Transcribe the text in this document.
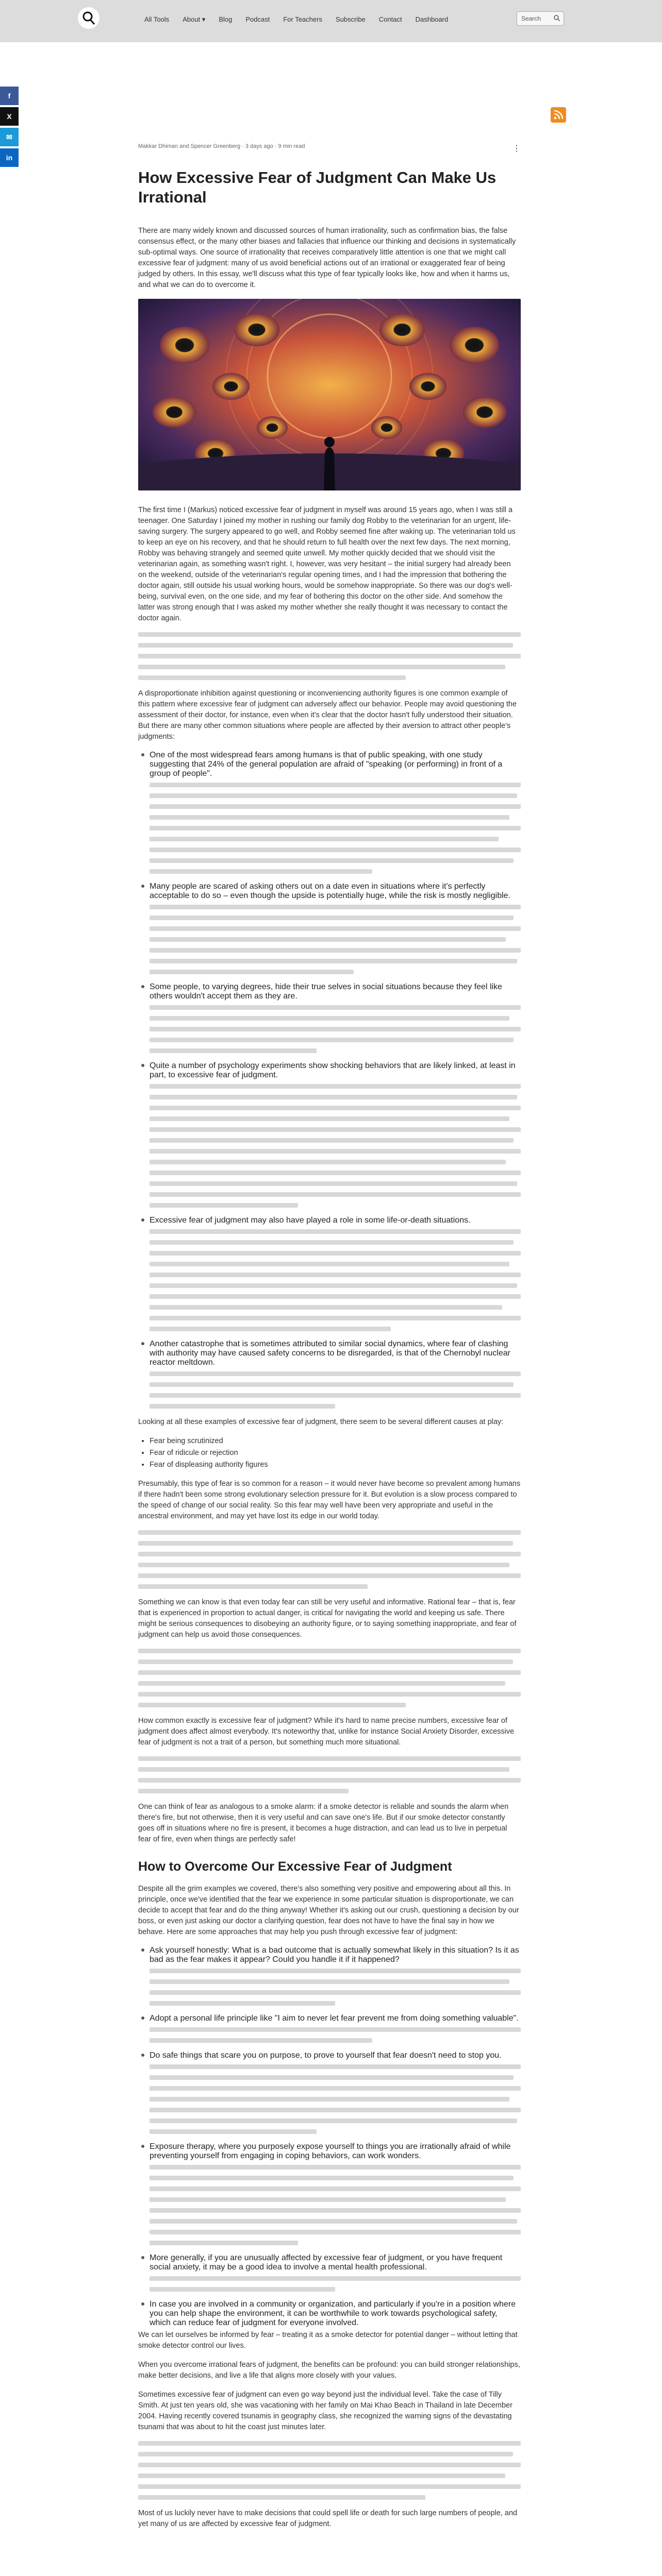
All Tools About ▾ Blog Podcast For Teachers Subscribe Contact Dashboard	Search
f
X
✉
in
Makkar Dhiman and Spencer Greenberg · 3 days ago · 9 min read	⋮
How Excessive Fear of Judgment Can Make Us Irrational

There are many widely known and discussed sources of human irrationality, such as confirmation bias, the false consensus effect, or the many other biases and fallacies that influence our thinking and decisions in systematically sub-optimal ways. One source of irrationality that receives comparatively little attention is one that we might call excessive fear of judgment: many of us avoid beneficial actions out of an irrational or exaggerated fear of being judged by others. In this essay, we'll discuss what this type of fear typically looks like, how and when it harms us, and what we can do to overcome it.

The first time I (Markus) noticed excessive fear of judgment in myself was around 15 years ago, when I was still a teenager. One Saturday I joined my mother in rushing our family dog Robby to the veterinarian for an urgent, life-saving surgery. The surgery appeared to go well, and Robby seemed fine after waking up. The veterinarian told us to keep an eye on his recovery, and that he should return to full health over the next few days. The next morning, Robby was behaving strangely and seemed quite unwell. My mother quickly decided that we should visit the veterinarian again, as something wasn't right. I, however, was very hesitant – the initial surgery had already been on the weekend, outside of the veterinarian's regular opening times, and I had the impression that bothering the doctor again, still outside his usual working hours, would be somehow inappropriate. So there was our dog's well-being, survival even, on the one side, and my fear of bothering this doctor on the other side. And somehow the latter was strong enough that I was asked my mother whether she really thought it was necessary to contact the doctor again.

A disproportionate inhibition against questioning or inconveniencing authority figures is one common example of this pattern where excessive fear of judgment can adversely affect our behavior. People may avoid questioning the assessment of their doctor, for instance, even when it's clear that the doctor hasn't fully understood their situation. But there are many other common situations where people are affected by their aversion to attract other people's judgments:

One of the most widespread fears among humans is that of public speaking, with one study suggesting that 24% of the general population are afraid of "speaking (or performing) in front of a group of people".
Many people are scared of asking others out on a date even in situations where it's perfectly acceptable to do so – even though the upside is potentially huge, while the risk is mostly negligible.
Some people, to varying degrees, hide their true selves in social situations because they feel like others wouldn't accept them as they are.
Quite a number of psychology experiments show shocking behaviors that are likely linked, at least in part, to excessive fear of judgment.
Excessive fear of judgment may also have played a role in some life-or-death situations.
Another catastrophe that is sometimes attributed to similar social dynamics, where fear of clashing with authority may have caused safety concerns to be disregarded, is that of the Chernobyl nuclear reactor meltdown.

Looking at all these examples of excessive fear of judgment, there seem to be several different causes at play:

• Fear being scrutinized
• Fear of ridicule or rejection
• Fear of displeasing authority figures

Presumably, this type of fear is so common for a reason – it would never have become so prevalent among humans if there hadn't been some strong evolutionary selection pressure for it. But evolution is a slow process compared to the speed of change of our social reality. So this fear may well have been very appropriate and useful in the ancestral environment, and may yet have lost its edge in our world today.

Something we can know is that even today fear can still be very useful and informative. Rational fear – that is, fear that is experienced in proportion to actual danger, is critical for navigating the world and keeping us safe. There might be serious consequences to disobeying an authority figure, or to saying something inappropriate, and fear of judgment can help us avoid those consequences.

How common exactly is excessive fear of judgment? While it's hard to name precise numbers, excessive fear of judgment does affect almost everybody. It's noteworthy that, unlike for instance Social Anxiety Disorder, excessive fear of judgment is not a trait of a person, but something much more situational.

One can think of fear as analogous to a smoke alarm: if a smoke detector is reliable and sounds the alarm when there's fire, but not otherwise, then it is very useful and can save one's life. But if our smoke detector constantly goes off in situations where no fire is present, it becomes a huge distraction, and can lead us to live in perpetual fear of fire, even when things are perfectly safe!

How to Overcome Our Excessive Fear of Judgment

Despite all the grim examples we covered, there's also something very positive and empowering about all this. In principle, once we've identified that the fear we experience in some particular situation is disproportionate, we can decide to accept that fear and do the thing anyway! Whether it's asking out our crush, questioning a decision by our boss, or even just asking our doctor a clarifying question, fear does not have to have the final say in how we behave. Here are some approaches that may help you push through excessive fear of judgment:

Ask yourself honestly: What is a bad outcome that is actually somewhat likely in this situation? Is it as bad as the fear makes it appear? Could you handle it if it happened?
Adopt a personal life principle like "I aim to never let fear prevent me from doing something valuable".
Do safe things that scare you on purpose, to prove to yourself that fear doesn't need to stop you.
Exposure therapy, where you purposely expose yourself to things you are irrationally afraid of while preventing yourself from engaging in coping behaviors, can work wonders.
More generally, if you are unusually affected by excessive fear of judgment, or you have frequent social anxiety, it may be a good idea to involve a mental health professional.
In case you are involved in a community or organization, and particularly if you're in a position where you can help shape the environment, it can be worthwhile to work towards psychological safety, which can reduce fear of judgment for everyone involved.

We can let ourselves be informed by fear – treating it as a smoke detector for potential danger – without letting that smoke detector control our lives.

When you overcome irrational fears of judgment, the benefits can be profound: you can build stronger relationships, make better decisions, and live a life that aligns more closely with your values.

Sometimes excessive fear of judgment can even go way beyond just the individual level. Take the case of Tilly Smith. At just ten years old, she was vacationing with her family on Mai Khao Beach in Thailand in late December 2004. Having recently covered tsunamis in geography class, she recognized the warning signs of the devastating tsunami that was about to hit the coast just minutes later.

Most of us luckily never have to make decisions that could spell life or death for such large numbers of people, and yet many of us are affected by excessive fear of judgment.
